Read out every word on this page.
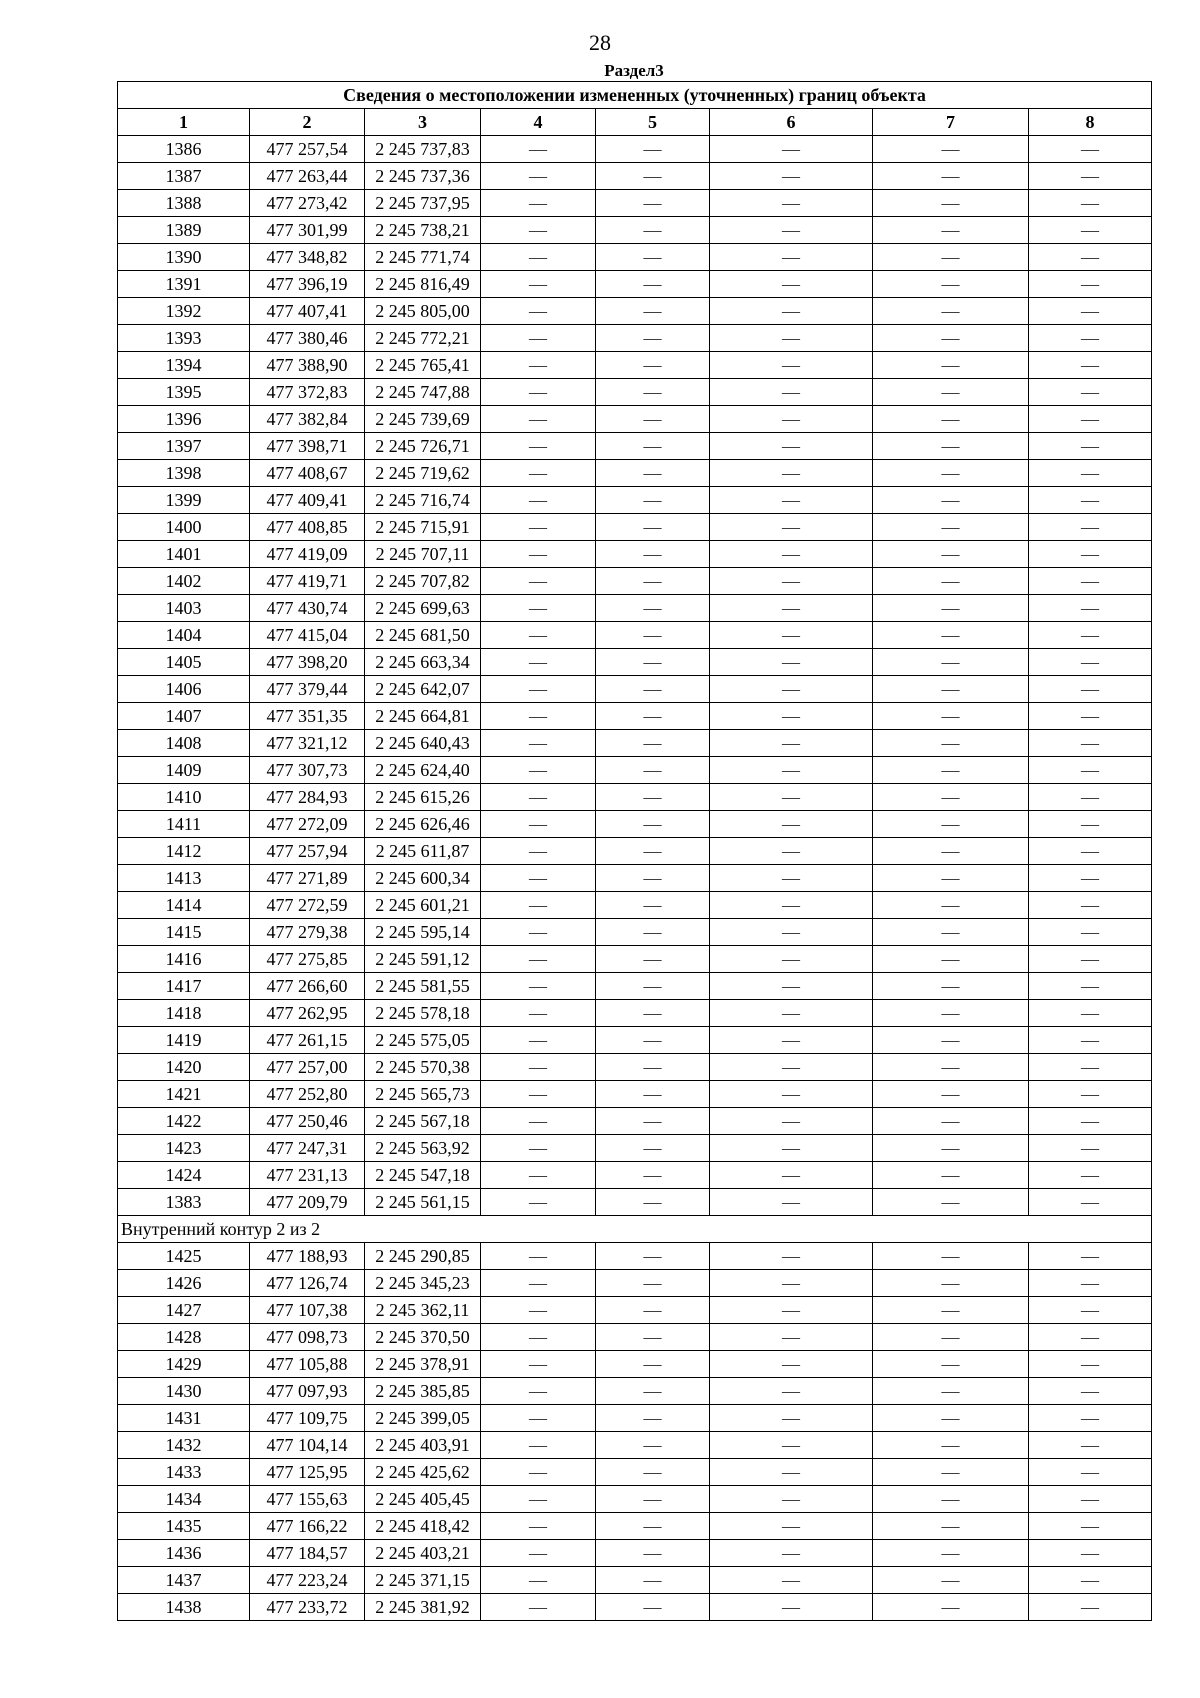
28
Раздел3
Сведения о местоположении измененных (уточненных) границ объекта							
1	2	3	4	5	6	7	8
1386	477 257,54	2 245 737,83	—	—	—	—	—
1387	477 263,44	2 245 737,36	—	—	—	—	—
1388	477 273,42	2 245 737,95	—	—	—	—	—
1389	477 301,99	2 245 738,21	—	—	—	—	—
1390	477 348,82	2 245 771,74	—	—	—	—	—
1391	477 396,19	2 245 816,49	—	—	—	—	—
1392	477 407,41	2 245 805,00	—	—	—	—	—
1393	477 380,46	2 245 772,21	—	—	—	—	—
1394	477 388,90	2 245 765,41	—	—	—	—	—
1395	477 372,83	2 245 747,88	—	—	—	—	—
1396	477 382,84	2 245 739,69	—	—	—	—	—
1397	477 398,71	2 245 726,71	—	—	—	—	—
1398	477 408,67	2 245 719,62	—	—	—	—	—
1399	477 409,41	2 245 716,74	—	—	—	—	—
1400	477 408,85	2 245 715,91	—	—	—	—	—
1401	477 419,09	2 245 707,11	—	—	—	—	—
1402	477 419,71	2 245 707,82	—	—	—	—	—
1403	477 430,74	2 245 699,63	—	—	—	—	—
1404	477 415,04	2 245 681,50	—	—	—	—	—
1405	477 398,20	2 245 663,34	—	—	—	—	—
1406	477 379,44	2 245 642,07	—	—	—	—	—
1407	477 351,35	2 245 664,81	—	—	—	—	—
1408	477 321,12	2 245 640,43	—	—	—	—	—
1409	477 307,73	2 245 624,40	—	—	—	—	—
1410	477 284,93	2 245 615,26	—	—	—	—	—
1411	477 272,09	2 245 626,46	—	—	—	—	—
1412	477 257,94	2 245 611,87	—	—	—	—	—
1413	477 271,89	2 245 600,34	—	—	—	—	—
1414	477 272,59	2 245 601,21	—	—	—	—	—
1415	477 279,38	2 245 595,14	—	—	—	—	—
1416	477 275,85	2 245 591,12	—	—	—	—	—
1417	477 266,60	2 245 581,55	—	—	—	—	—
1418	477 262,95	2 245 578,18	—	—	—	—	—
1419	477 261,15	2 245 575,05	—	—	—	—	—
1420	477 257,00	2 245 570,38	—	—	—	—	—
1421	477 252,80	2 245 565,73	—	—	—	—	—
1422	477 250,46	2 245 567,18	—	—	—	—	—
1423	477 247,31	2 245 563,92	—	—	—	—	—
1424	477 231,13	2 245 547,18	—	—	—	—	—
1383	477 209,79	2 245 561,15	—	—	—	—	—
Внутренний контур 2 из 2							
1425	477 188,93	2 245 290,85	—	—	—	—	—
1426	477 126,74	2 245 345,23	—	—	—	—	—
1427	477 107,38	2 245 362,11	—	—	—	—	—
1428	477 098,73	2 245 370,50	—	—	—	—	—
1429	477 105,88	2 245 378,91	—	—	—	—	—
1430	477 097,93	2 245 385,85	—	—	—	—	—
1431	477 109,75	2 245 399,05	—	—	—	—	—
1432	477 104,14	2 245 403,91	—	—	—	—	—
1433	477 125,95	2 245 425,62	—	—	—	—	—
1434	477 155,63	2 245 405,45	—	—	—	—	—
1435	477 166,22	2 245 418,42	—	—	—	—	—
1436	477 184,57	2 245 403,21	—	—	—	—	—
1437	477 223,24	2 245 371,15	—	—	—	—	—
1438	477 233,72	2 245 381,92	—	—	—	—	—
